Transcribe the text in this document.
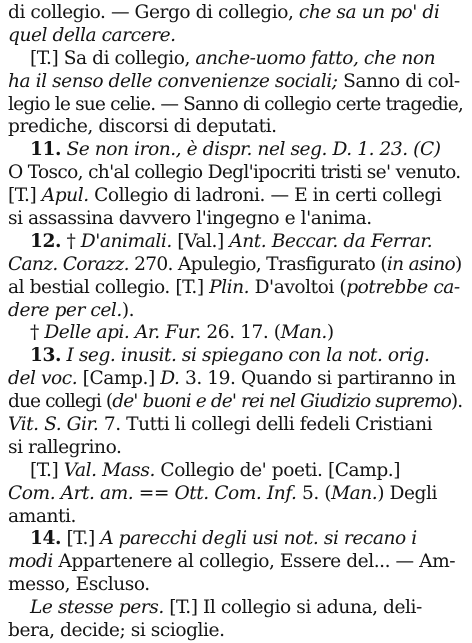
di collegio. — Gergo di collegio, che sa un po' di
quel della carcere.
[T.] Sa di collegio, anche-uomo fatto, che non
ha il senso delle convenienze sociali; Sanno di col-
legio le sue celie. — Sanno di collegio certe tragedie,
prediche, discorsi di deputati.
11. Se non iron., è dispr. nel seg. D. 1. 23. (C)
O Tosco, ch'al collegio Degl'ipocriti tristi se' venuto.
[T.] Apul. Collegio di ladroni. — E in certi collegi
si assassina davvero l'ingegno e l'anima.
12. † D'animali. [Val.] Ant. Beccar. da Ferrar.
Canz. Corazz. 270. Apulegio, Trasfigurato (in asino)
al bestial collegio. [T.] Plin. D'avoltoi (potrebbe ca-
dere per cel.).
† Delle api. Ar. Fur. 26. 17. (Man.)
13. I seg. inusit. si spiegano con la not. orig.
del voc. [Camp.] D. 3. 19. Quando si partiranno in
due collegi (de' buoni e de' rei nel Giudizio supremo).
Vit. S. Gir. 7. Tutti li collegi delli fedeli Cristiani
si rallegrino.
[T.] Val. Mass. Collegio de' poeti. [Camp.]
Com. Art. am. == Ott. Com. Inf. 5. (Man.) Degli
amanti.
14. [T.] A parecchi degli usi not. si recano i
modi Appartenere al collegio, Essere del... — Am-
messo, Escluso.
Le stesse pers. [T.] Il collegio si aduna, deli-
bera, decide; si scioglie.
